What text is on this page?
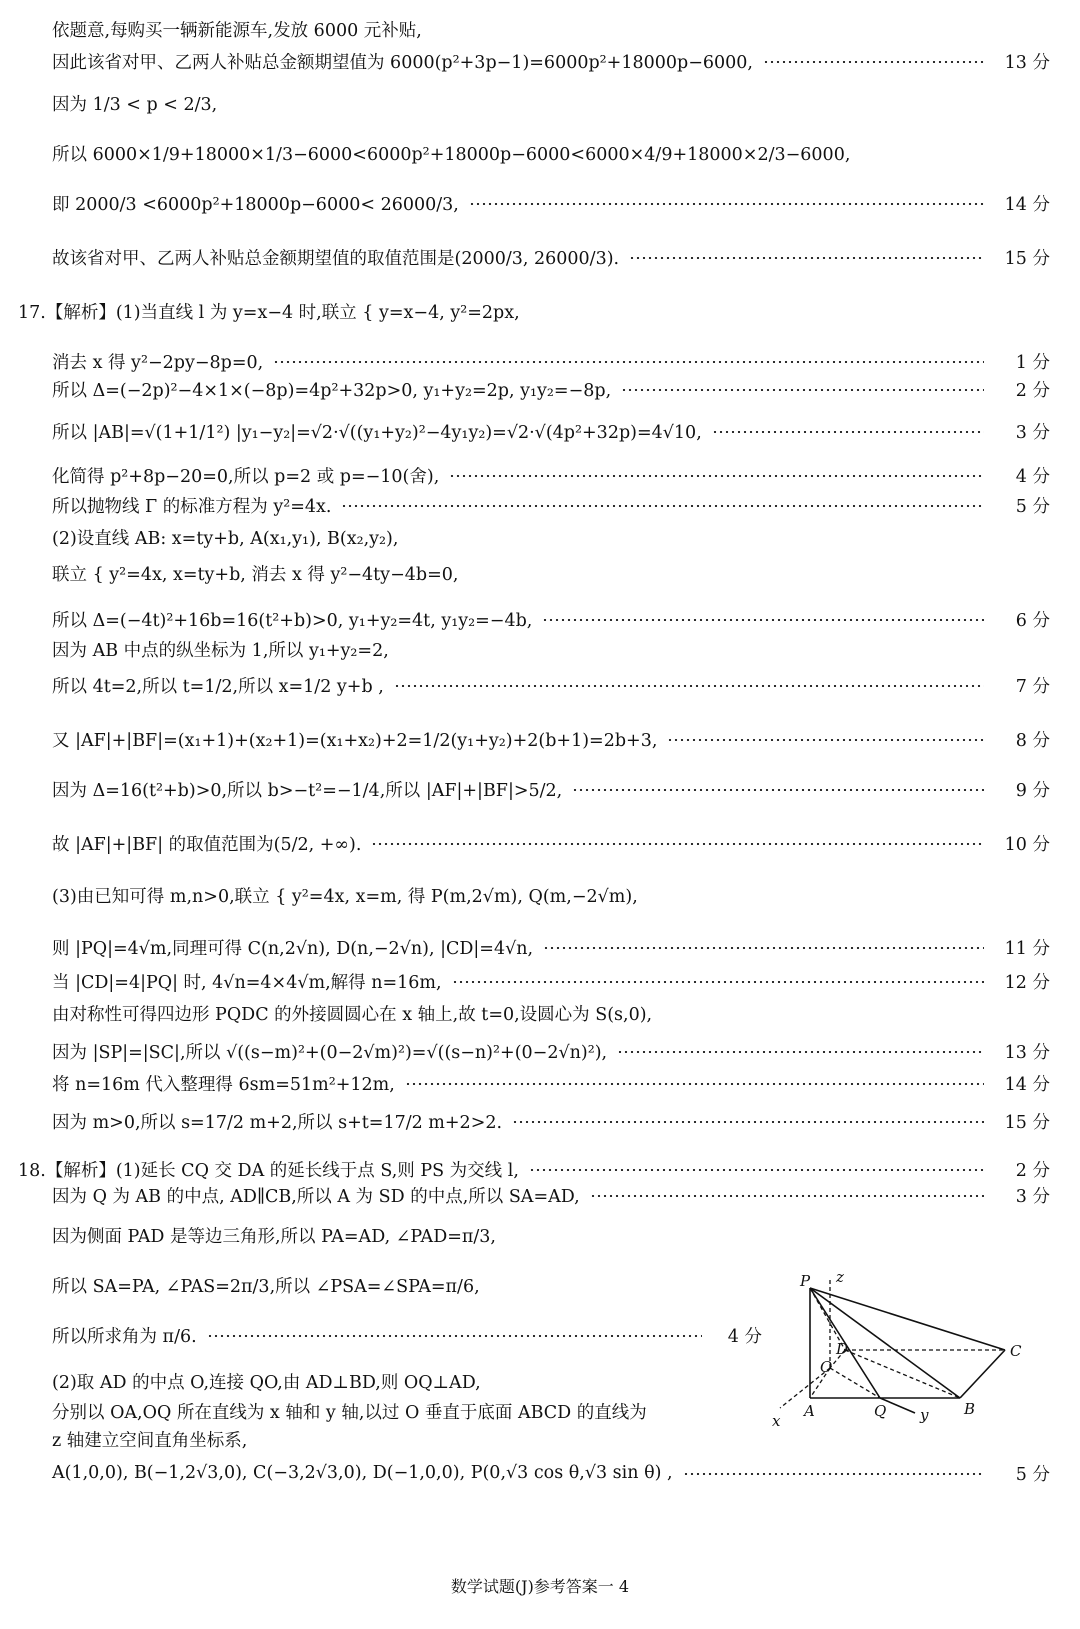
依题意,每购买一辆新能源车,发放 6000 元补贴,
因此该省对甲、乙两人补贴总金额期望值为 6000(p²+3p−1)=6000p²+18000p−6000,	13 分
因为 1/3 < p < 2/3,
所以 6000×1/9+18000×1/3−6000<6000p²+18000p−6000<6000×4/9+18000×2/3−6000,
即 2000/3 <6000p²+18000p−6000< 26000/3,	14 分
故该省对甲、乙两人补贴总金额期望值的取值范围是(2000/3, 26000/3).	15 分
17.【解析】(1)当直线 l 为 y=x−4 时,联立 { y=x−4, y²=2px,
消去 x 得 y²−2py−8p=0,	1 分
所以 Δ=(−2p)²−4×1×(−8p)=4p²+32p>0, y₁+y₂=2p, y₁y₂=−8p,	2 分
所以 |AB|=√(1+1/1²) |y₁−y₂|=√2·√((y₁+y₂)²−4y₁y₂)=√2·√(4p²+32p)=4√10,	3 分
化简得 p²+8p−20=0,所以 p=2 或 p=−10(舍),	4 分
所以抛物线 Γ 的标准方程为 y²=4x.	5 分
(2)设直线 AB: x=ty+b, A(x₁,y₁), B(x₂,y₂),
联立 { y²=4x, x=ty+b, 消去 x 得 y²−4ty−4b=0,
所以 Δ=(−4t)²+16b=16(t²+b)>0, y₁+y₂=4t, y₁y₂=−4b,	6 分
因为 AB 中点的纵坐标为 1,所以 y₁+y₂=2,
所以 4t=2,所以 t=1/2,所以 x=1/2 y+b ,	7 分
又 |AF|+|BF|=(x₁+1)+(x₂+1)=(x₁+x₂)+2=1/2(y₁+y₂)+2(b+1)=2b+3,	8 分
因为 Δ=16(t²+b)>0,所以 b>−t²=−1/4,所以 |AF|+|BF|>5/2,	9 分
故 |AF|+|BF| 的取值范围为(5/2, +∞).	10 分
(3)由已知可得 m,n>0,联立 { y²=4x, x=m, 得 P(m,2√m), Q(m,−2√m),
则 |PQ|=4√m,同理可得 C(n,2√n), D(n,−2√n), |CD|=4√n,	11 分
当 |CD|=4|PQ| 时, 4√n=4×4√m,解得 n=16m,	12 分
由对称性可得四边形 PQDC 的外接圆圆心在 x 轴上,故 t=0,设圆心为 S(s,0),
因为 |SP|=|SC|,所以 √((s−m)²+(0−2√m)²)=√((s−n)²+(0−2√n)²),	13 分
将 n=16m 代入整理得 6sm=51m²+12m,	14 分
因为 m>0,所以 s=17/2 m+2,所以 s+t=17/2 m+2>2.	15 分
18.【解析】(1)延长 CQ 交 DA 的延长线于点 S,则 PS 为交线 l,	2 分
因为 Q 为 AB 的中点, AD∥CB,所以 A 为 SD 的中点,所以 SA=AD,	3 分
因为侧面 PAD 是等边三角形,所以 PA=AD, ∠PAD=π/3,
所以 SA=PA, ∠PAS=2π/3,所以 ∠PSA=∠SPA=π/6,
所以所求角为 π/6.	4 分
(2)取 AD 的中点 O,连接 QO,由 AD⊥BD,则 OQ⊥AD,
分别以 OA,OQ 所在直线为 x 轴和 y 轴,以过 O 垂直于底面 ABCD 的直线为
z 轴建立空间直角坐标系,
A(1,0,0), B(−1,2√3,0), C(−3,2√3,0), D(−1,0,0), P(0,√3 cos θ,√3 sin θ) ,	5 分
P z
D	C
O
A	Q	B
x	y
数学试题(J)参考答案一 4
